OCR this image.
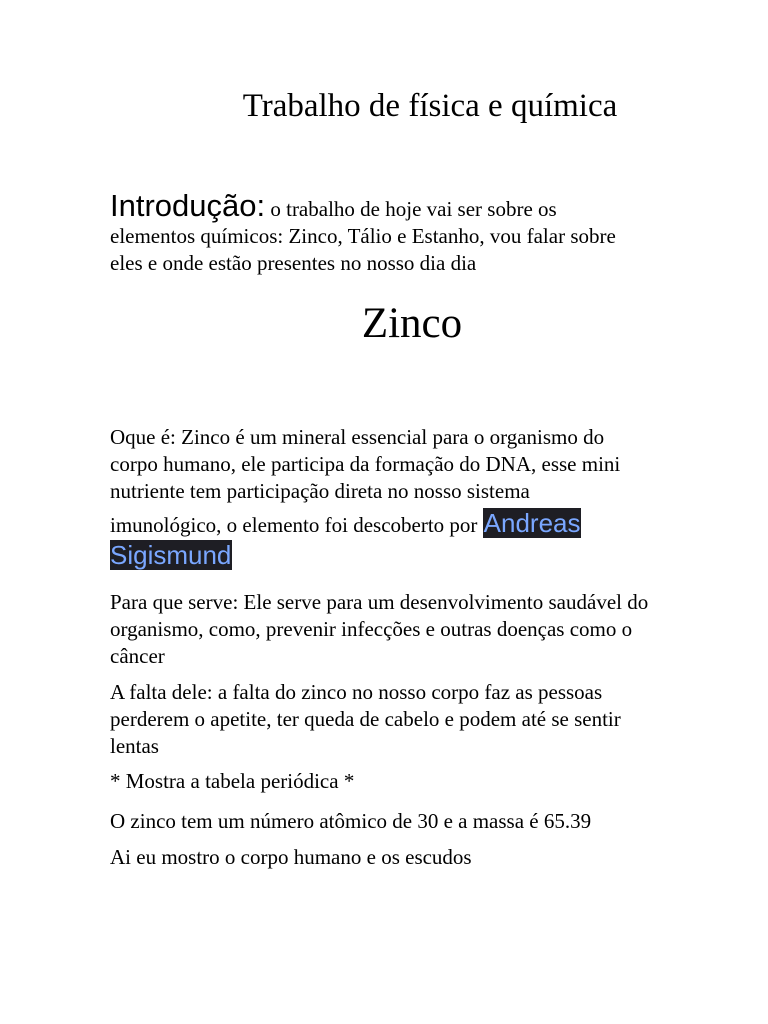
Trabalho de física e química
Introdução: o trabalho de hoje vai ser sobre os elementos químicos: Zinco, Tálio e Estanho, vou falar sobre eles e onde estão presentes no nosso dia dia
Zinco
Oque é: Zinco é um mineral essencial para o organismo do corpo humano, ele participa da formação do DNA, esse mini nutriente tem participação direta no nosso sistema
imunológico, o elemento foi descoberto por Andreas Sigismund
Para que serve: Ele serve para um desenvolvimento saudável do organismo, como, prevenir infecções e outras doenças como o câncer
A falta dele: a falta do zinco no nosso corpo faz as pessoas perderem o apetite, ter queda de cabelo e podem até se sentir lentas
* Mostra a tabela periódica *
O zinco tem um número atômico de 30 e a massa é 65.39
Ai eu mostro o corpo humano e os escudos
